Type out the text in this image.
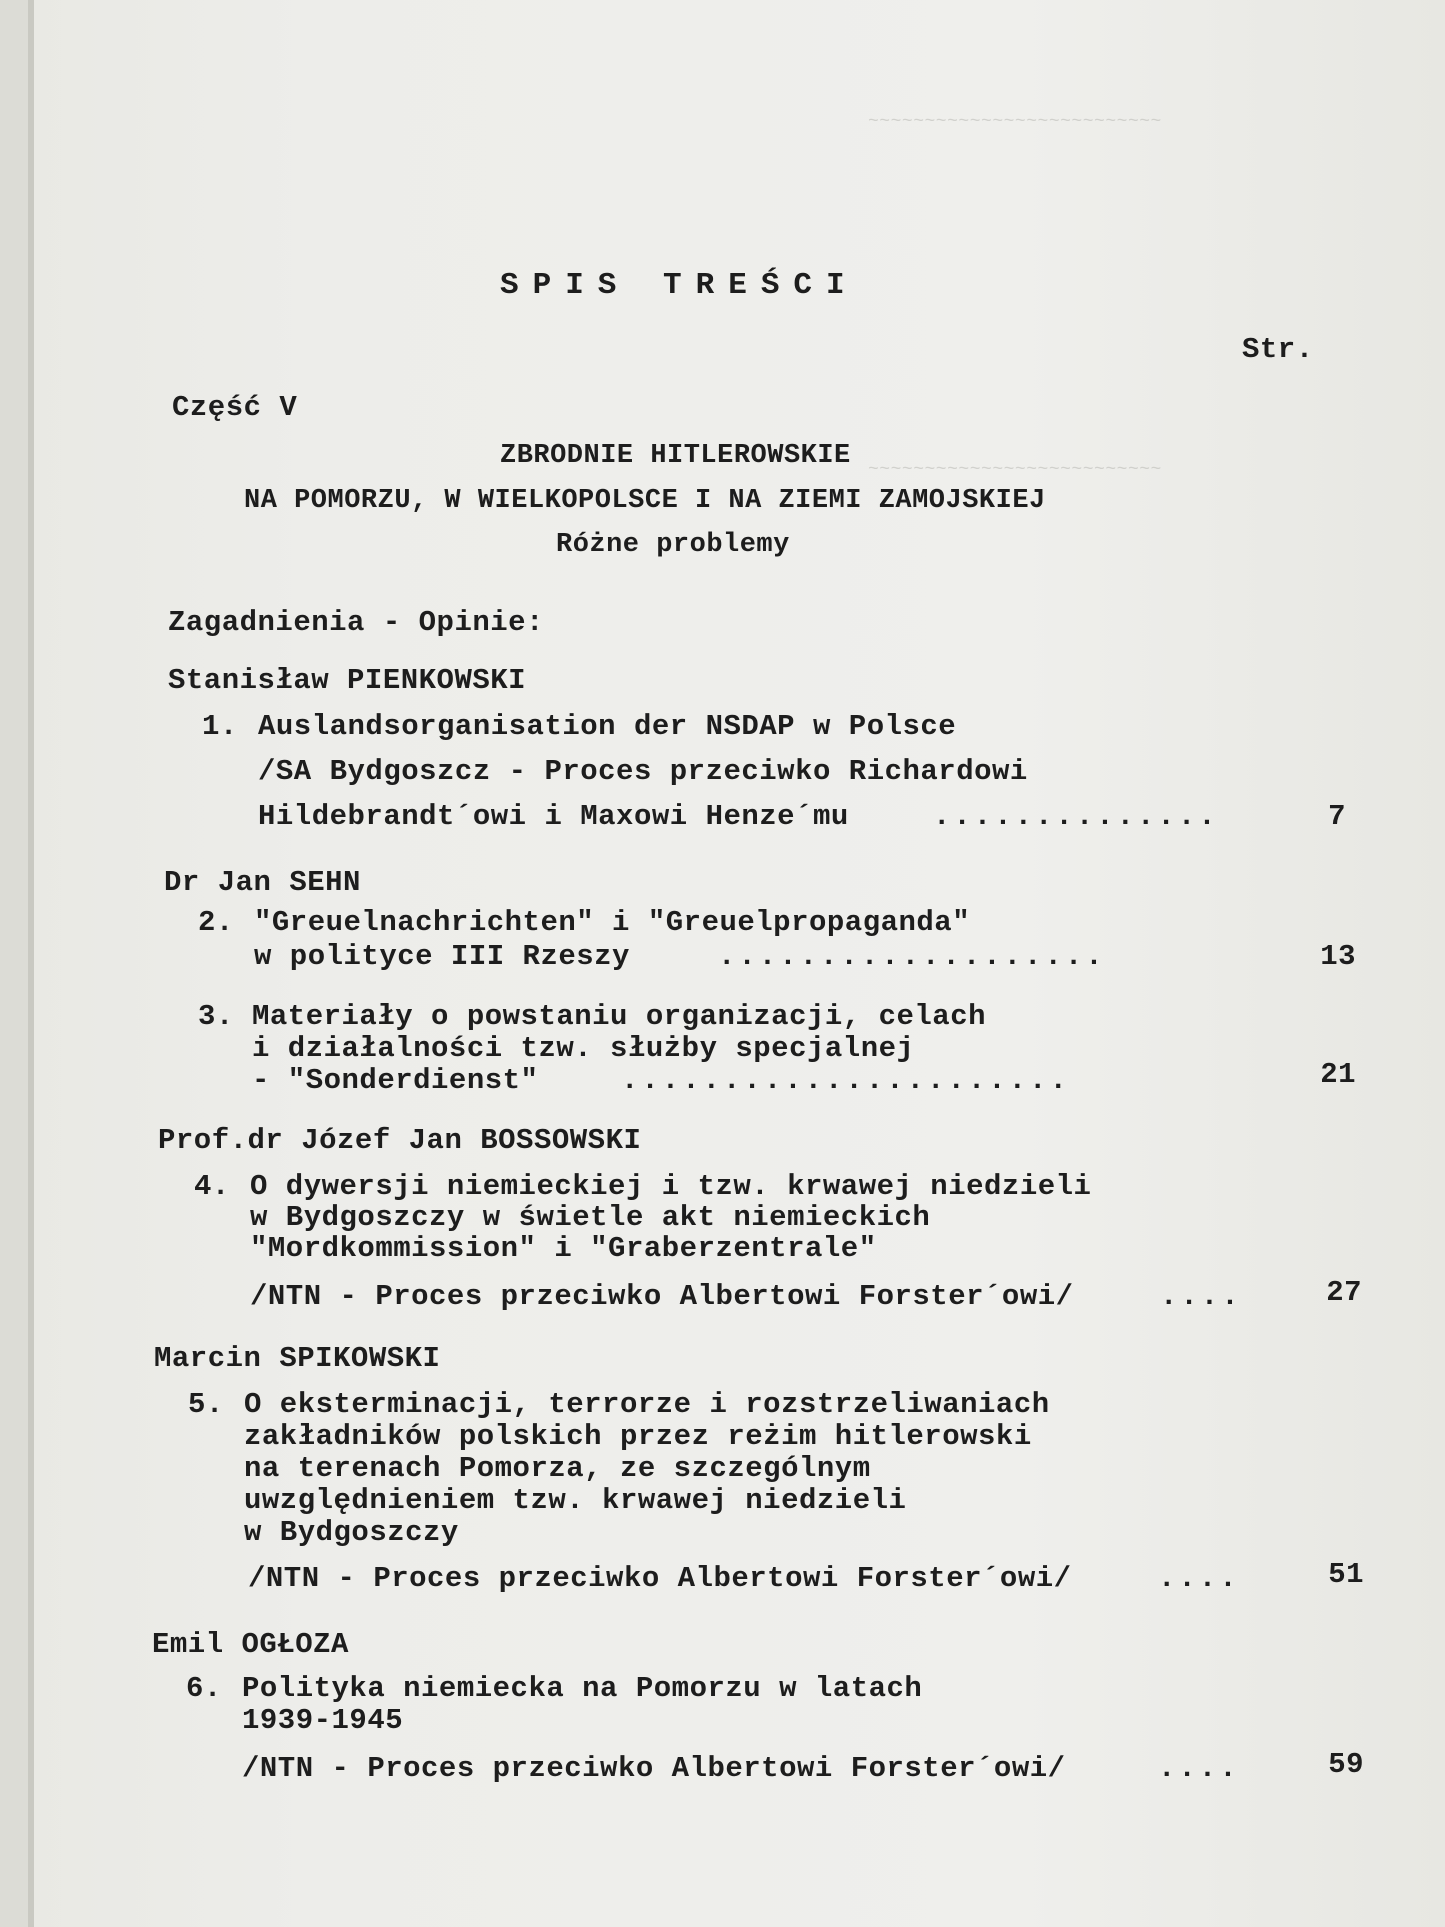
~~~~~~~~~~~~~~~~~~~~~~~~~~
~~~~~~~~~~~~~~~~~~~~~~~~~~
SPIS TREŚCI
Str.
Część V
ZBRODNIE HITLEROWSKIE
NA POMORZU, W WIELKOPOLSCE I NA ZIEMI ZAMOJSKIEJ
Różne problemy
Zagadnienia - Opinie:
Stanisław PIENKOWSKI
1. Auslandsorganisation der NSDAP w Polsce
/SA Bydgoszcz - Proces przeciwko Richardowi
Hildebrandt´owi i Maxowi Henze´mu	..............	7
Dr Jan SEHN
2. "Greuelnachrichten" i "Greuelpropaganda"
w polityce III Rzeszy	...................	13
3. Materiały o powstaniu organizacji, celach
i działalności tzw. służby specjalnej
- "Sonderdienst"	......................	21
Prof.dr Józef Jan BOSSOWSKI
4. O dywersji niemieckiej i tzw. krwawej niedzieli
w Bydgoszczy w świetle akt niemieckich
"Mordkommission" i "Graberzentrale"
/NTN - Proces przeciwko Albertowi Forster´owi/	....	27
Marcin SPIKOWSKI
5. O eksterminacji, terrorze i rozstrzeliwaniach
zakładników polskich przez reżim hitlerowski
na terenach Pomorza, ze szczególnym
uwzględnieniem tzw. krwawej niedzieli
w Bydgoszczy
/NTN - Proces przeciwko Albertowi Forster´owi/	....	51
Emil OGŁOZA
6. Polityka niemiecka na Pomorzu w latach
1939-1945
/NTN - Proces przeciwko Albertowi Forster´owi/	....	59
